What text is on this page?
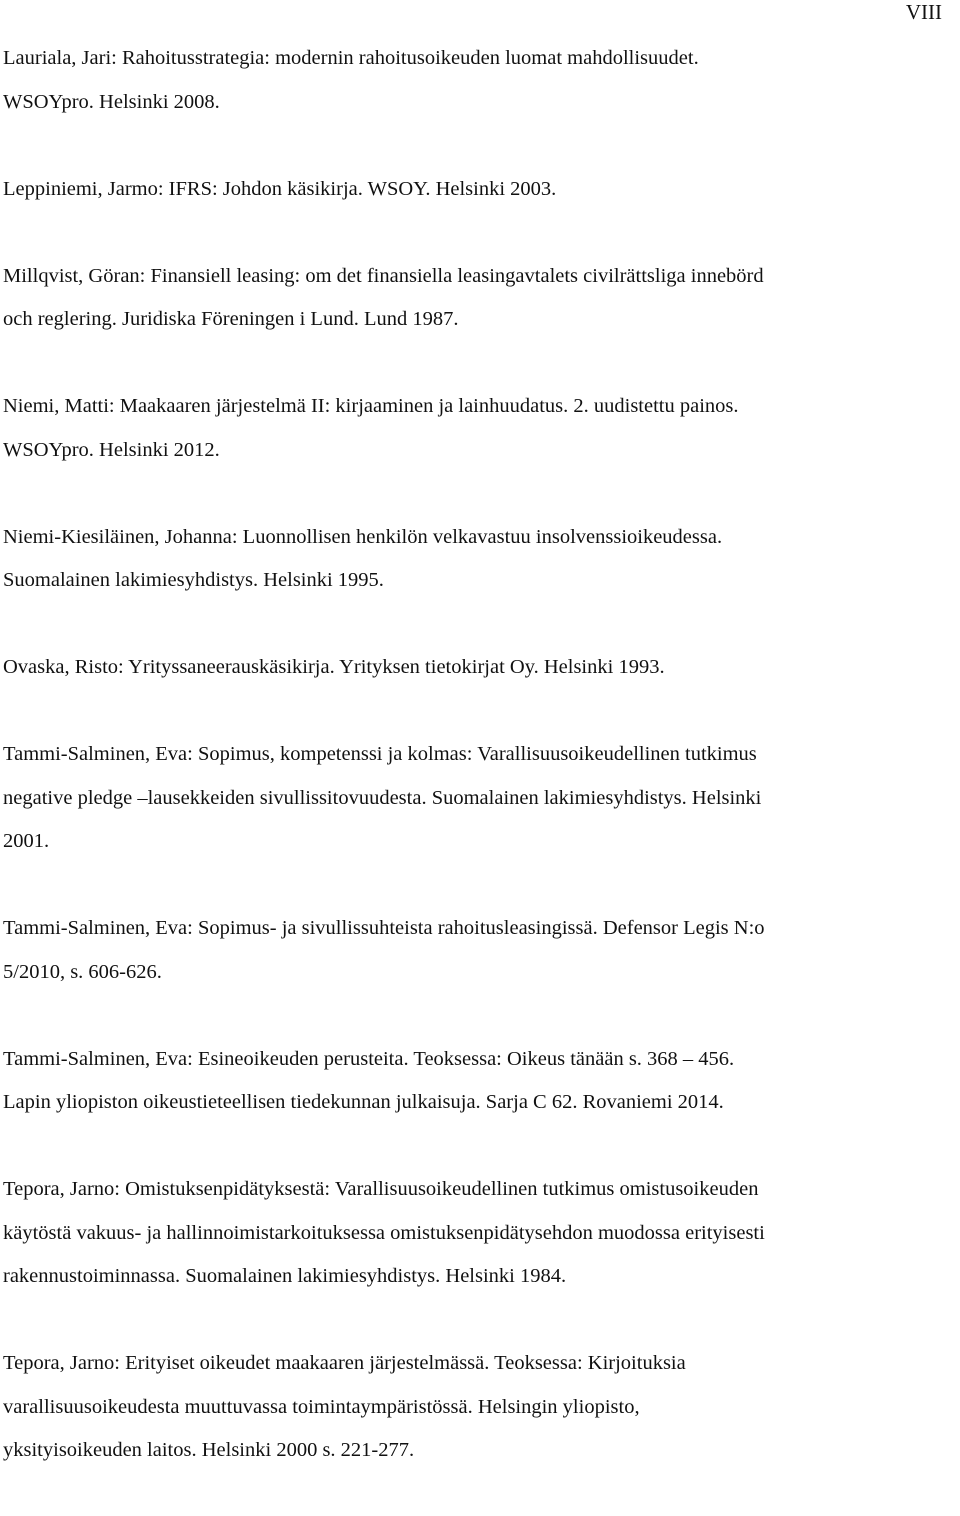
VIII
Lauriala, Jari: Rahoitusstrategia: modernin rahoitusoikeuden luomat mahdollisuudet.
WSOYpro. Helsinki 2008.
Leppiniemi, Jarmo: IFRS: Johdon käsikirja. WSOY. Helsinki 2003.
Millqvist, Göran: Finansiell leasing: om det finansiella leasingavtalets civilrättsliga innebörd
och reglering. Juridiska Föreningen i Lund. Lund 1987.
Niemi, Matti: Maakaaren järjestelmä II: kirjaaminen ja lainhuudatus. 2. uudistettu painos.
WSOYpro. Helsinki 2012.
Niemi-Kiesiläinen, Johanna: Luonnollisen henkilön velkavastuu insolvenssioikeudessa.
Suomalainen lakimiesyhdistys. Helsinki 1995.
Ovaska, Risto: Yrityssaneerauskäsikirja. Yrityksen tietokirjat Oy. Helsinki 1993.
Tammi-Salminen, Eva: Sopimus, kompetenssi ja kolmas: Varallisuusoikeudellinen tutkimus
negative pledge –lausekkeiden sivullissitovuudesta. Suomalainen lakimiesyhdistys. Helsinki
2001.
Tammi-Salminen, Eva: Sopimus- ja sivullissuhteista rahoitusleasingissä. Defensor Legis N:o
5/2010, s. 606-626.
Tammi-Salminen, Eva: Esineoikeuden perusteita. Teoksessa: Oikeus tänään s. 368 – 456.
Lapin yliopiston oikeustieteellisen tiedekunnan julkaisuja. Sarja C 62. Rovaniemi 2014.
Tepora, Jarno: Omistuksenpidätyksestä: Varallisuusoikeudellinen tutkimus omistusoikeuden
käytöstä vakuus- ja hallinnoimistarkoituksessa omistuksenpidätysehdon muodossa erityisesti
rakennustoiminnassa. Suomalainen lakimiesyhdistys. Helsinki 1984.
Tepora, Jarno: Erityiset oikeudet maakaaren järjestelmässä. Teoksessa: Kirjoituksia
varallisuusoikeudesta muuttuvassa toimintaympäristössä. Helsingin yliopisto,
yksityisoikeuden laitos. Helsinki 2000 s. 221-277.
